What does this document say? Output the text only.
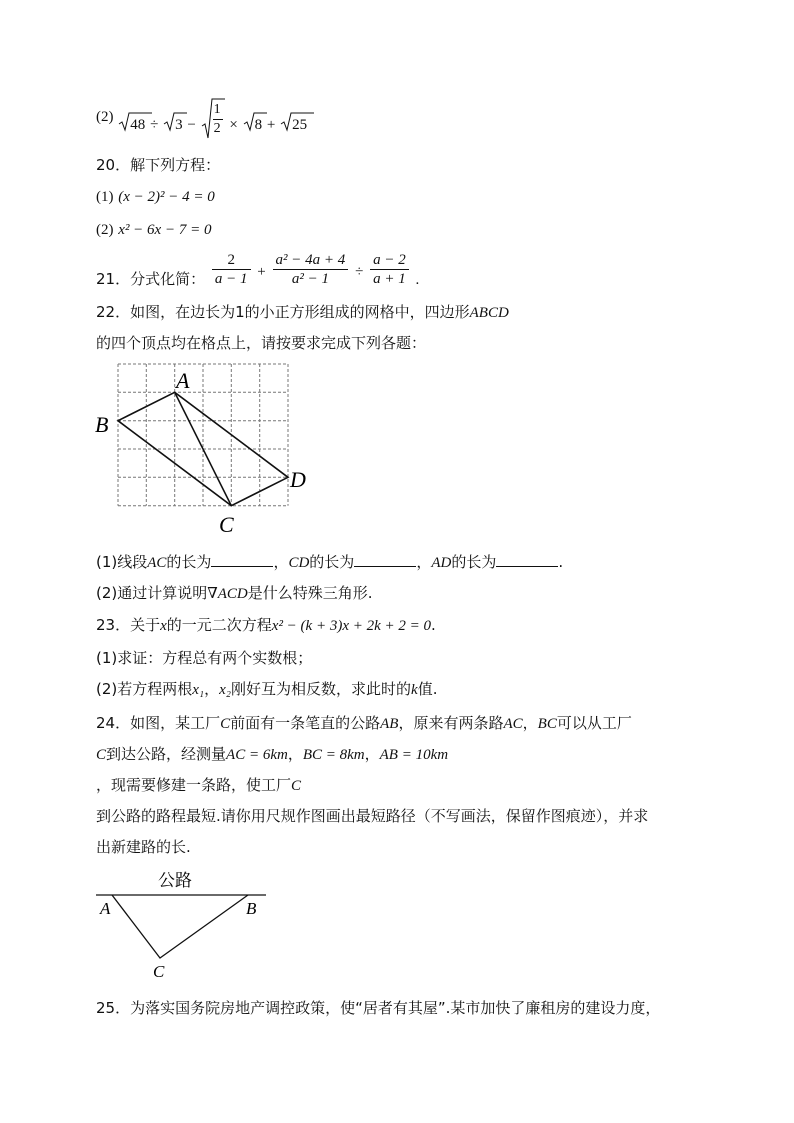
(2) $48 \div 3 - \frac{1}{2} \times 8 + 25$
20．解下列方程：
(1) (x − 2)² − 4 = 0
(2) x² − 6x − 7 = 0
21．分式化简： $\frac{2}{a - 1} + \frac{\text{a² − 4a + 4}}{\text{a² − 1}} \div \frac{a - 2}{a + 1}$ .
22．如图，在边长为1的小正方形组成的网格中，四边形ABCD
的四个顶点均在格点上，请按要求完成下列各题：
A
B
C
D
(1)线段AC的长为	，CD的长为	，AD的长为	.
(2)通过计算说明∇ACD是什么特殊三角形.
23．关于x的一元二次方程x² − (k + 3)x + 2k + 2 = 0.
(1)求证：方程总有两个实数根；
(2)若方程两根x₁，x₂刚好互为相反数，求此时的k值.
24．如图，某工厂C前面有一条笔直的公路AB，原来有两条路AC，BC可以从工厂
C到达公路，经测量AC = 6km，BC = 8km，AB = 10km
，现需要修建一条路，使工厂C
到公路的路程最短.请你用尺规作图画出最短路径（不写画法，保留作图痕迹），并求
出新建路的长.
公路
A	B
C
25．为落实国务院房地产调控政策，使“居者有其屋”.某市加快了廉租房的建设力度，
